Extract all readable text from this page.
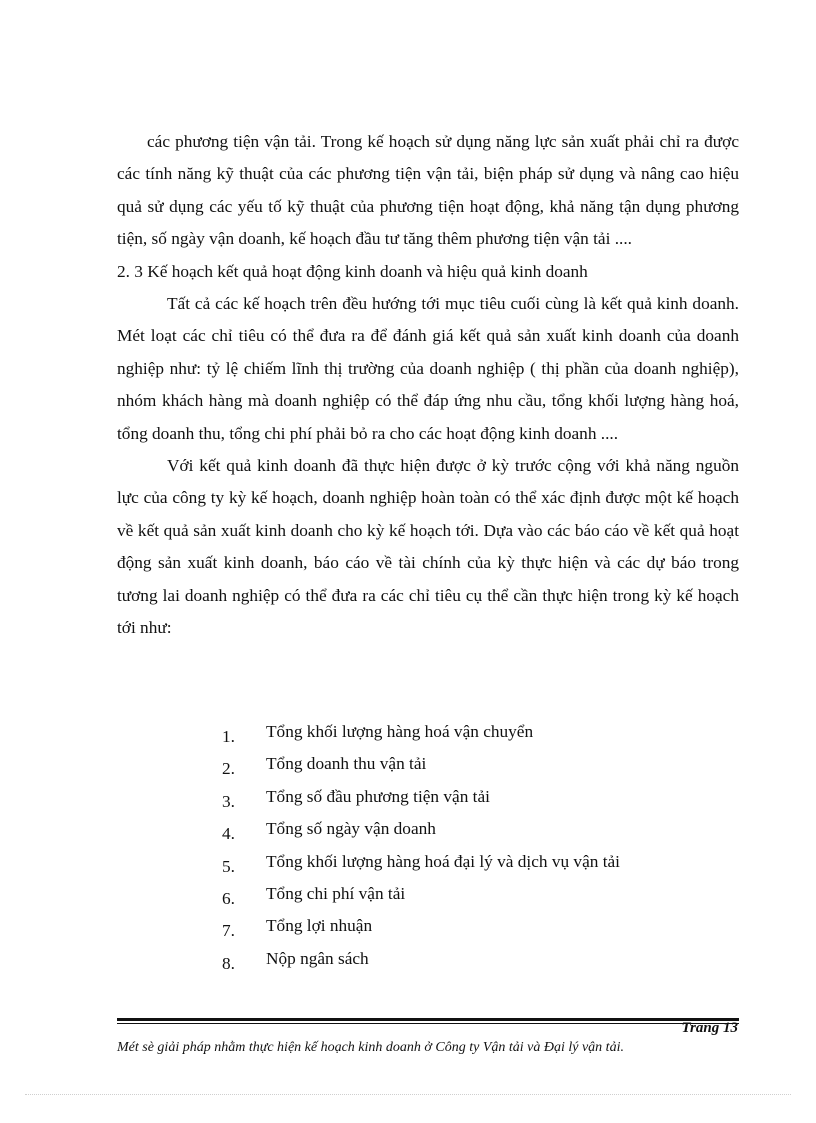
các phương tiện vận tải. Trong kế hoạch sử dụng năng lực sản xuất phải chỉ ra được các tính năng kỹ thuật của các phương tiện vận tải, biện pháp sử dụng và nâng cao hiệu quả sử dụng các yếu tố kỹ thuật của phương tiện hoạt động, khả năng tận dụng phương tiện, số ngày vận doanh, kế hoạch đầu tư tăng thêm phương tiện vận tải ....

2. 3 Kế hoạch kết quả hoạt động kinh doanh và hiệu quả kinh doanh

Tất cả các kế hoạch trên đều hướng tới mục tiêu cuối cùng là kết quả kinh doanh. Mét loạt các chỉ tiêu có thể đưa ra để đánh giá kết quả sản xuất kinh doanh của doanh nghiệp như: tỷ lệ chiếm lĩnh thị trường của doanh nghiệp ( thị phần của doanh nghiệp), nhóm khách hàng mà doanh nghiệp có thể đáp ứng nhu cầu, tổng khối lượng hàng hoá, tổng doanh thu, tổng chi phí phải bỏ ra cho các hoạt động kinh doanh ....

Với kết quả kinh doanh đã thực hiện được ở kỳ trước cộng với khả năng nguồn lực của công ty kỳ kế hoạch, doanh nghiệp hoàn toàn có thể xác định được một kế hoạch về kết quả sản xuất kinh doanh cho kỳ kế hoạch tới. Dựa vào các báo cáo về kết quả hoạt động sản xuất kinh doanh, báo cáo về tài chính của kỳ thực hiện và các dự báo trong tương lai doanh nghiệp có thể đưa ra các chỉ tiêu cụ thể cần thực hiện trong kỳ kế hoạch tới như:

1.	Tổng khối lượng hàng hoá vận chuyển
2.	Tổng doanh thu vận tải
3.	Tổng số đầu phương tiện vận tải
4.	Tổng số ngày vận doanh
5.	Tổng khối lượng hàng hoá đại lý và dịch vụ vận tải
6.	Tổng chi phí vận tải
7.	Tổng lợi nhuận
8.	Nộp ngân sách
Trang 13
Mét sè giải pháp nhằm thực hiện kế hoạch kinh doanh ở Công ty Vận tải và Đại lý vận tải.
